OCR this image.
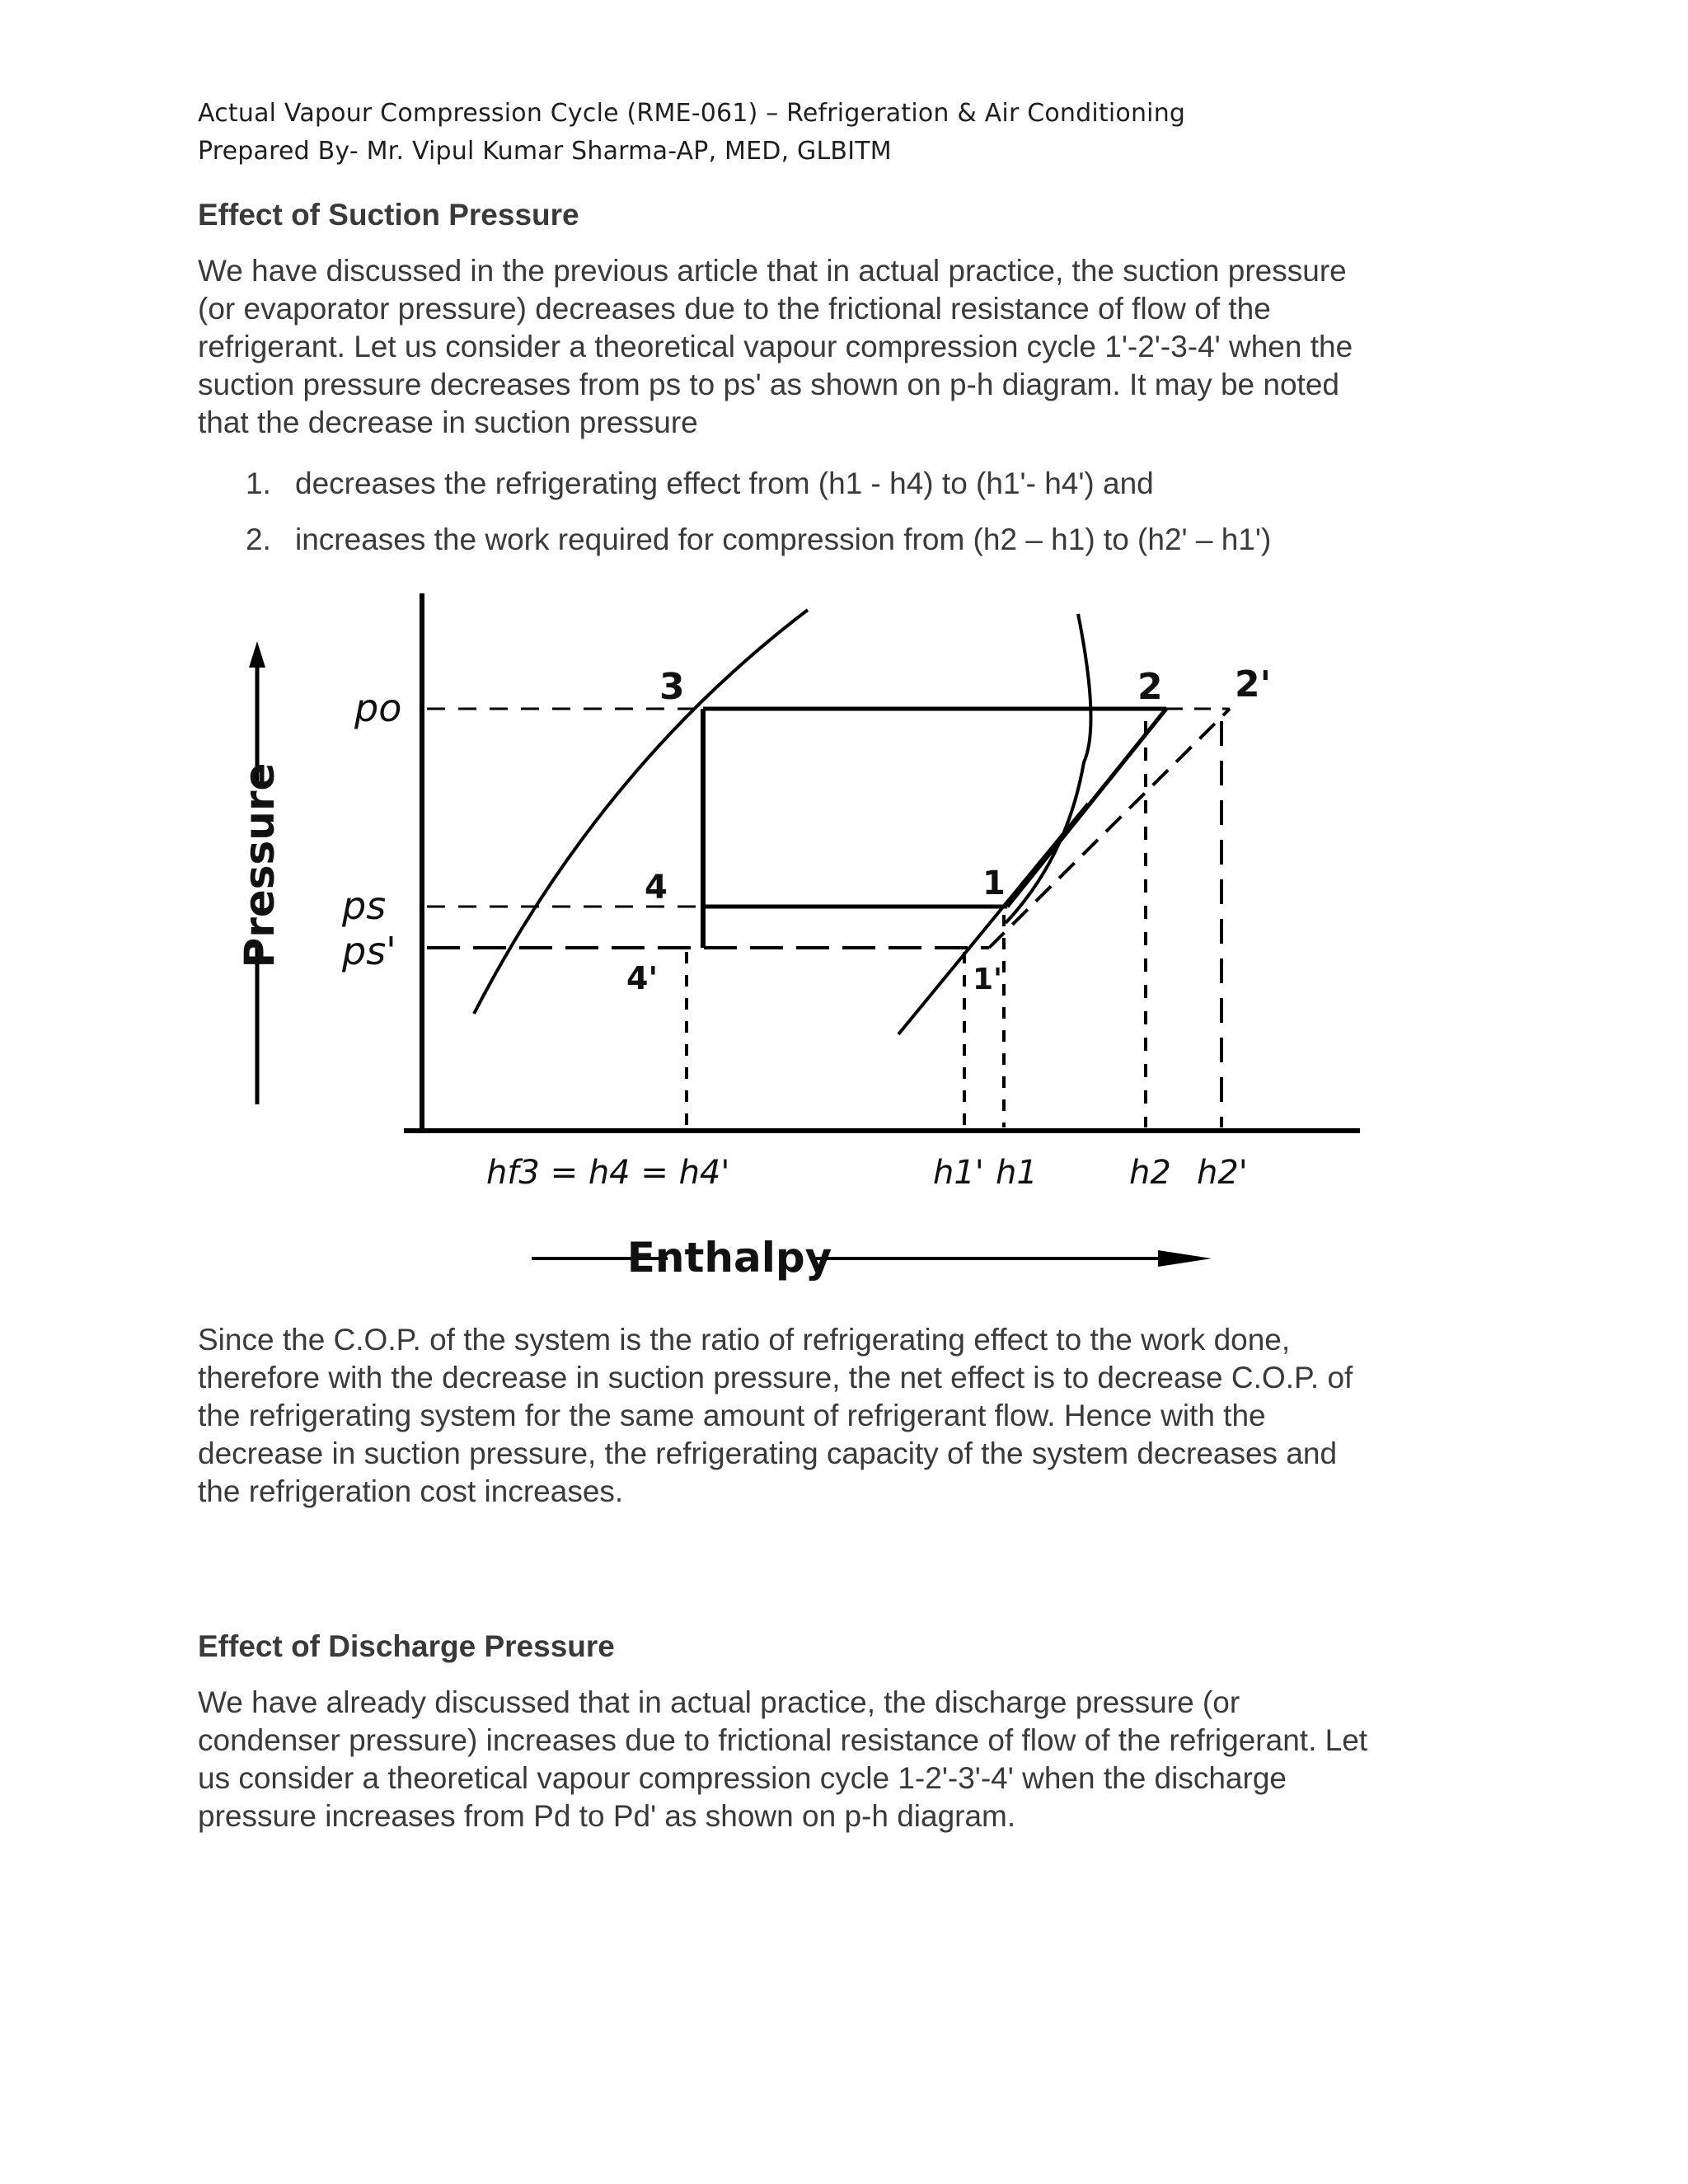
Actual Vapour Compression Cycle (RME-061) – Refrigeration & Air Conditioning
Prepared By- Mr. Vipul Kumar Sharma-AP, MED, GLBITM
Effect of Suction Pressure
We have discussed in the previous article that in actual practice, the suction pressure
(or evaporator pressure) decreases due to the frictional resistance of flow of the
refrigerant. Let us consider a theoretical vapour compression cycle 1'-2'-3-4' when the
suction pressure decreases from ps to ps' as shown on p-h diagram. It may be noted
that the decrease in suction pressure
1. decreases the refrigerating effect from (h1 - h4) to (h1'- h4') and
2. increases the work required for compression from (h2 – h1) to (h2' – h1')
Pressure
Enthalpy
po
ps
ps'
3
4
4'
1
1'
2 2'
hf3 = h4 = h4'	h1' h1	h2 h2'
Since the C.O.P. of the system is the ratio of refrigerating effect to the work done,
therefore with the decrease in suction pressure, the net effect is to decrease C.O.P. of
the refrigerating system for the same amount of refrigerant flow. Hence with the
decrease in suction pressure, the refrigerating capacity of the system decreases and
the refrigeration cost increases.
Effect of Discharge Pressure
We have already discussed that in actual practice, the discharge pressure (or
condenser pressure) increases due to frictional resistance of flow of the refrigerant. Let
us consider a theoretical vapour compression cycle 1-2'-3'-4' when the discharge
pressure increases from Pd to Pd' as shown on p-h diagram.
